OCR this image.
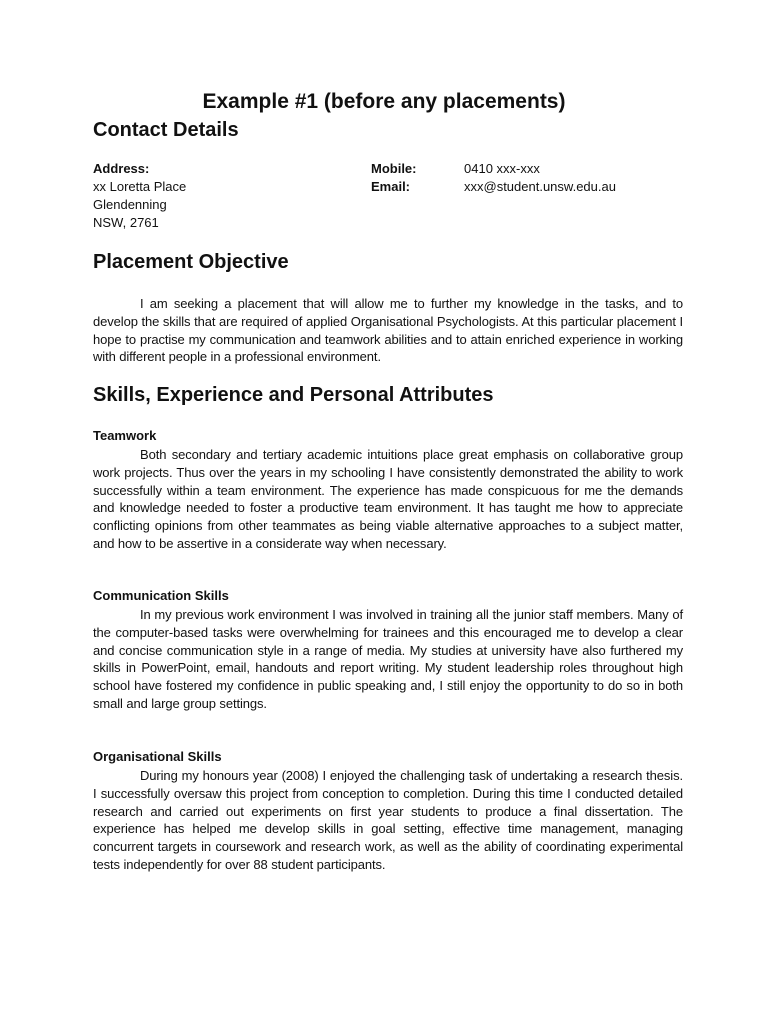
Example #1 (before any placements)
Contact Details
Address:
xx Loretta Place
Glendenning
NSW, 2761
Mobile:
Email:
0410 xxx-xxx
xxx@student.unsw.edu.au
Placement Objective

I am seeking a placement that will allow me to further my knowledge in the tasks, and to develop the skills that are required of applied Organisational Psychologists. At this particular placement I hope to practise my communication and teamwork abilities and to attain enriched experience in working with different people in a professional environment.

Skills, Experience and Personal Attributes
Teamwork

Both secondary and tertiary academic intuitions place great emphasis on collaborative group work projects. Thus over the years in my schooling I have consistently demonstrated the ability to work successfully within a team environment. The experience has made conspicuous for me the demands and knowledge needed to foster a productive team environment. It has taught me how to appreciate conflicting opinions from other teammates as being viable alternative approaches to a subject matter, and how to be assertive in a considerate way when necessary.

Communication Skills

In my previous work environment I was involved in training all the junior staff members. Many of the computer-based tasks were overwhelming for trainees and this encouraged me to develop a clear and concise communication style in a range of media. My studies at university have also furthered my skills in PowerPoint, email, handouts and report writing. My student leadership roles throughout high school have fostered my confidence in public speaking and, I still enjoy the opportunity to do so in both small and large group settings.

Organisational Skills

During my honours year (2008) I enjoyed the challenging task of undertaking a research thesis. I successfully oversaw this project from conception to completion. During this time I conducted detailed research and carried out experiments on first year students to produce a final dissertation. The experience has helped me develop skills in goal setting, effective time management, managing concurrent targets in coursework and research work, as well as the ability of coordinating experimental tests independently for over 88 student participants.
